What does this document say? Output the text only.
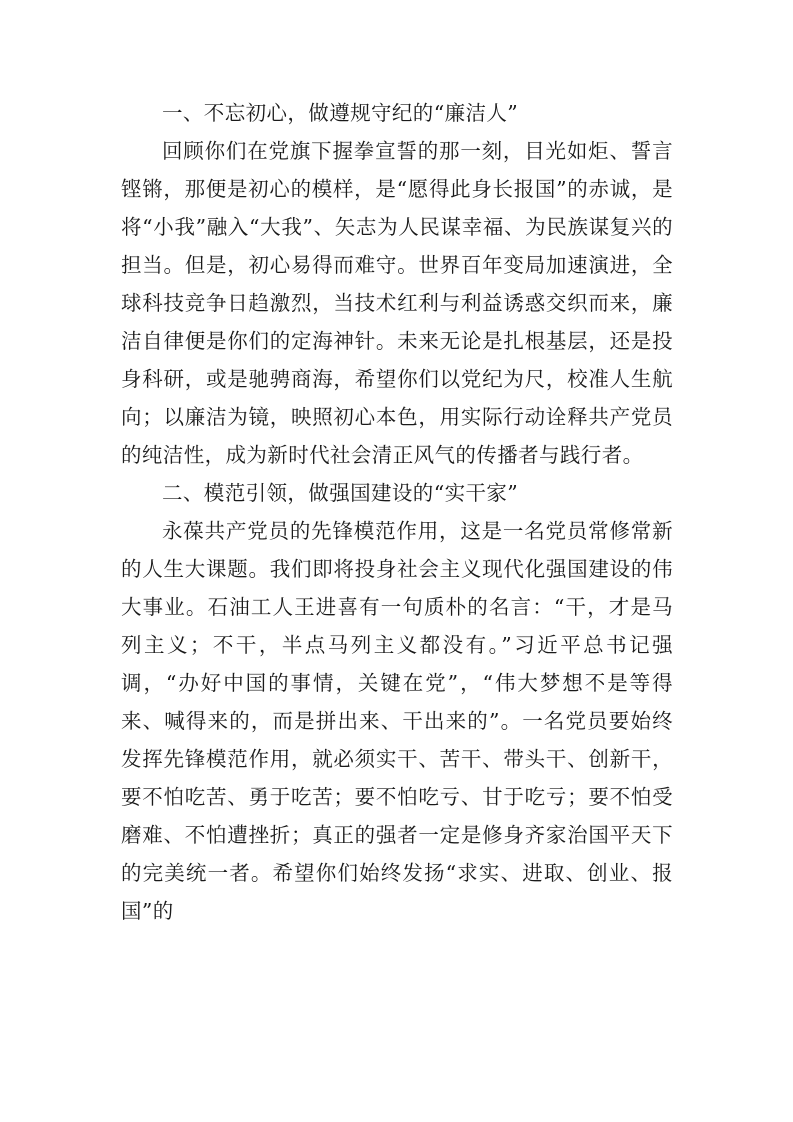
一、不忘初心，做遵规守纪的“廉洁人”

回顾你们在党旗下握拳宣誓的那一刻，目光如炬、誓言铿锵，那便是初心的模样，是“愿得此身长报国”的赤诚，是将“小我”融入“大我”、矢志为人民谋幸福、为民族谋复兴的担当。但是，初心易得而难守。世界百年变局加速演进，全球科技竞争日趋激烈，当技术红利与利益诱惑交织而来，廉洁自律便是你们的定海神针。未来无论是扎根基层，还是投身科研，或是驰骋商海，希望你们以党纪为尺，校准人生航向；以廉洁为镜，映照初心本色，用实际行动诠释共产党员的纯洁性，成为新时代社会清正风气的传播者与践行者。

二、模范引领，做强国建设的“实干家”

永葆共产党员的先锋模范作用，这是一名党员常修常新的人生大课题。我们即将投身社会主义现代化强国建设的伟大事业。石油工人王进喜有一句质朴的名言：“干，才是马列主义；不干，半点马列主义都没有。”习近平总书记强调，“办好中国的事情，关键在党”，“伟大梦想不是等得来、喊得来的，而是拼出来、干出来的”。一名党员要始终发挥先锋模范作用，就必须实干、苦干、带头干、创新干，要不怕吃苦、勇于吃苦；要不怕吃亏、甘于吃亏；要不怕受磨难、不怕遭挫折；真正的强者一定是修身齐家治国平天下的完美统一者。希望你们始终发扬“求实、进取、创业、报国”的
